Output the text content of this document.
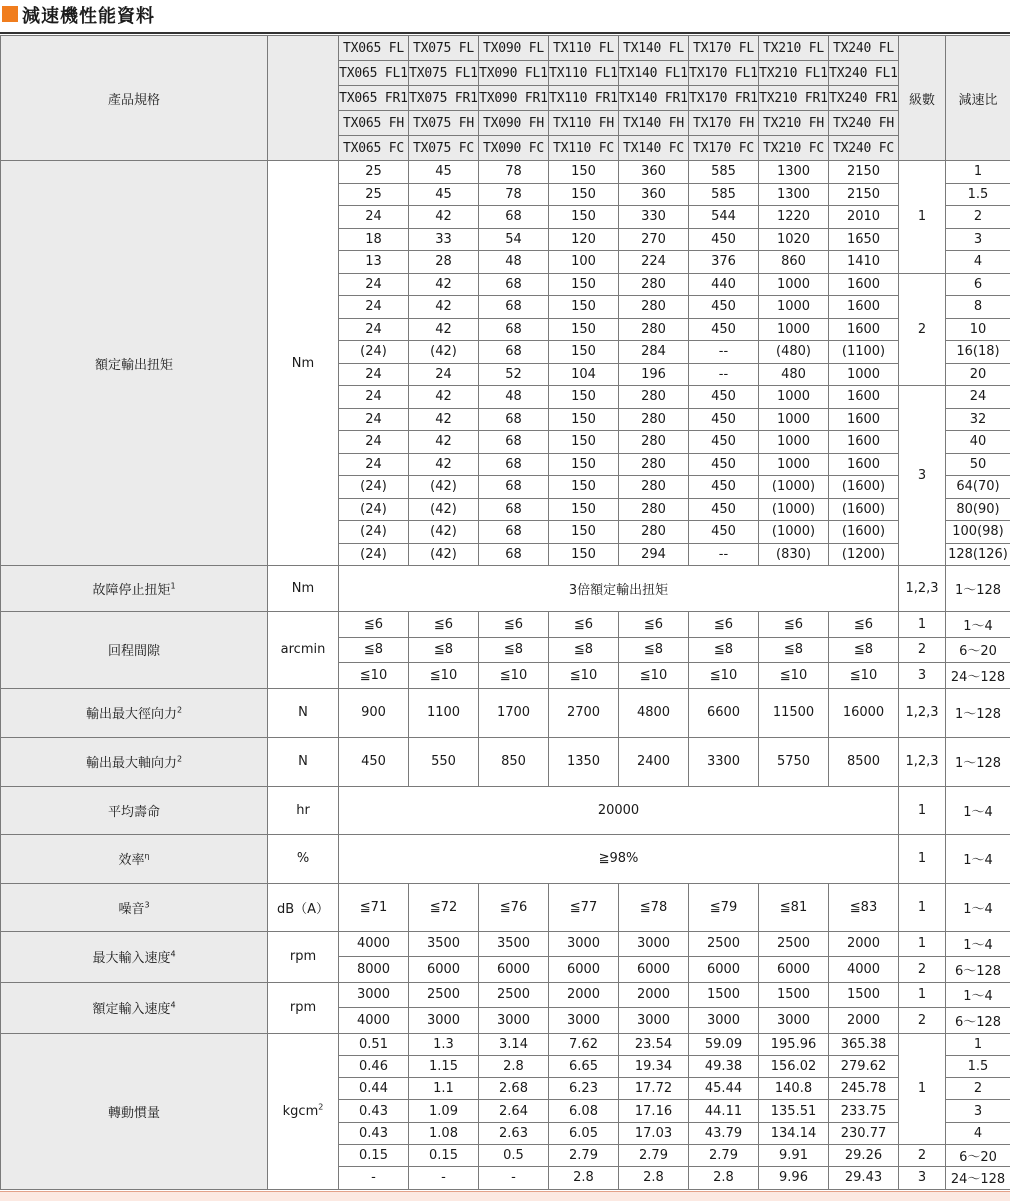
減速機性能資料
產品規格		TX065 FL	TX075 FL	TX090 FL	TX110 FL	TX140 FL	TX170 FL	TX210 FL	TX240 FL	級數	減速比
		TX065 FL1	TX075 FL1	TX090 FL1	TX110 FL1	TX140 FL1	TX170 FL1	TX210 FL1	TX240 FL1		
		TX065 FR1	TX075 FR1	TX090 FR1	TX110 FR1	TX140 FR1	TX170 FR1	TX210 FR1	TX240 FR1		
		TX065 FH	TX075 FH	TX090 FH	TX110 FH	TX140 FH	TX170 FH	TX210 FH	TX240 FH		
		TX065 FC	TX075 FC	TX090 FC	TX110 FC	TX140 FC	TX170 FC	TX210 FC	TX240 FC		
額定輸出扭矩	Nm	25	45	78	150	360	585	1300	2150	1	1
		25	45	78	150	360	585	1300	2150		1.5
		24	42	68	150	330	544	1220	2010		2
		18	33	54	120	270	450	1020	1650		3
		13	28	48	100	224	376	860	1410		4
		24	42	68	150	280	440	1000	1600	2	6
		24	42	68	150	280	450	1000	1600		8
		24	42	68	150	280	450	1000	1600		10
		(24)	(42)	68	150	284	--	(480)	(1100)		16(18)
		24	24	52	104	196	--	480	1000		20
		24	42	48	150	280	450	1000	1600	3	24
		24	42	68	150	280	450	1000	1600		32
		24	42	68	150	280	450	1000	1600		40
		24	42	68	150	280	450	1000	1600		50
		(24)	(42)	68	150	280	450	(1000)	(1600)		64(70)
		(24)	(42)	68	150	280	450	(1000)	(1600)		80(90)
		(24)	(42)	68	150	280	450	(1000)	(1600)		100(98)
		(24)	(42)	68	150	294	--	(830)	(1200)		128(126)
故障停止扭矩$^1$	Nm	3倍額定輸出扭矩								1,2,3	1～128
回程間隙	arcmin	≦6	≦6	≦6	≦6	≦6	≦6	≦6	≦6	1	1～4
		≦8	≦8	≦8	≦8	≦8	≦8	≦8	≦8	2	6～20
		≦10	≦10	≦10	≦10	≦10	≦10	≦10	≦10	3	24～128
輸出最大徑向力$^2$	N	900	1100	1700	2700	4800	6600	11500	16000	1,2,3	1～128
輸出最大軸向力$^2$	N	450	550	850	1350	2400	3300	5750	8500	1,2,3	1～128
平均壽命	hr	20000								1	1～4
效率$^\eta$	%	≧98%								1	1～4
噪音$^3$	dB（A）	≦71	≦72	≦76	≦77	≦78	≦79	≦81	≦83	1	1～4
最大輸入速度$^4$	rpm	4000	3500	3500	3000	3000	2500	2500	2000	1	1～4
		8000	6000	6000	6000	6000	6000	6000	4000	2	6～128
額定輸入速度$^4$	rpm	3000	2500	2500	2000	2000	1500	1500	1500	1	1～4
		4000	3000	3000	3000	3000	3000	3000	2000	2	6～128
轉動慣量	kgcm$^2$	0.51	1.3	3.14	7.62	23.54	59.09	195.96	365.38	1	1
		0.46	1.15	2.8	6.65	19.34	49.38	156.02	279.62		1.5
		0.44	1.1	2.68	6.23	17.72	45.44	140.8	245.78		2
		0.43	1.09	2.64	6.08	17.16	44.11	135.51	233.75		3
		0.43	1.08	2.63	6.05	17.03	43.79	134.14	230.77		4
		0.15	0.15	0.5	2.79	2.79	2.79	9.91	29.26	2	6～20
		-	-	-	2.8	2.8	2.8	9.96	29.43	3	24～128
